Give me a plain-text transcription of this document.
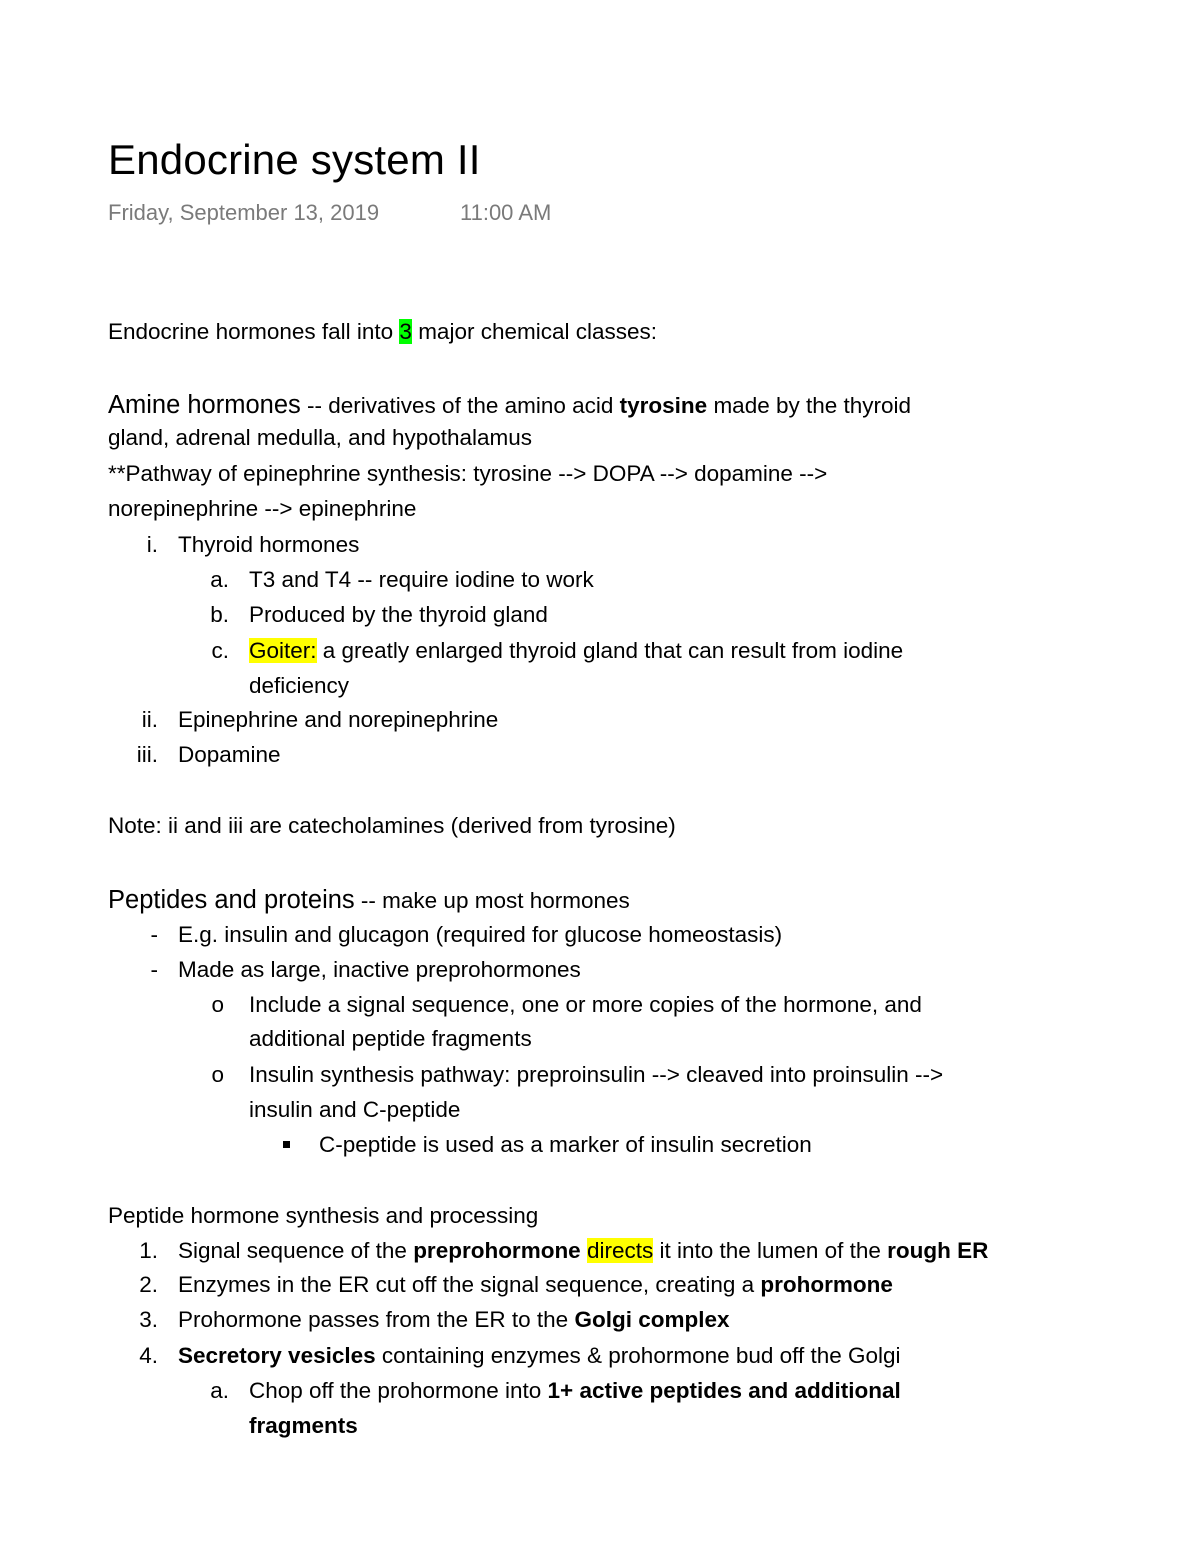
Endocrine system II
Friday, September 13, 2019	11:00 AM
Endocrine hormones fall into 3 major chemical classes:
Amine hormones -- derivatives of the amino acid tyrosine made by the thyroid
gland, adrenal medulla, and hypothalamus
**Pathway of epinephrine synthesis: tyrosine --> DOPA --> dopamine -->
norepinephrine --> epinephrine
i. Thyroid hormones
a. T3 and T4 -- require iodine to work
b. Produced by the thyroid gland
c. Goiter: a greatly enlarged thyroid gland that can result from iodine
deficiency
ii. Epinephrine and norepinephrine
iii. Dopamine
Note: ii and iii are catecholamines (derived from tyrosine)
Peptides and proteins -- make up most hormones
- E.g. insulin and glucagon (required for glucose homeostasis)
- Made as large, inactive preprohormones
o Include a signal sequence, one or more copies of the hormone, and
additional peptide fragments
o Insulin synthesis pathway: preproinsulin --> cleaved into proinsulin -->
insulin and C-peptide
C-peptide is used as a marker of insulin secretion
Peptide hormone synthesis and processing
1. Signal sequence of the preprohormone directs it into the lumen of the rough ER
2. Enzymes in the ER cut off the signal sequence, creating a prohormone
3. Prohormone passes from the ER to the Golgi complex
4. Secretory vesicles containing enzymes & prohormone bud off the Golgi
a. Chop off the prohormone into 1+ active peptides and additional
fragments
